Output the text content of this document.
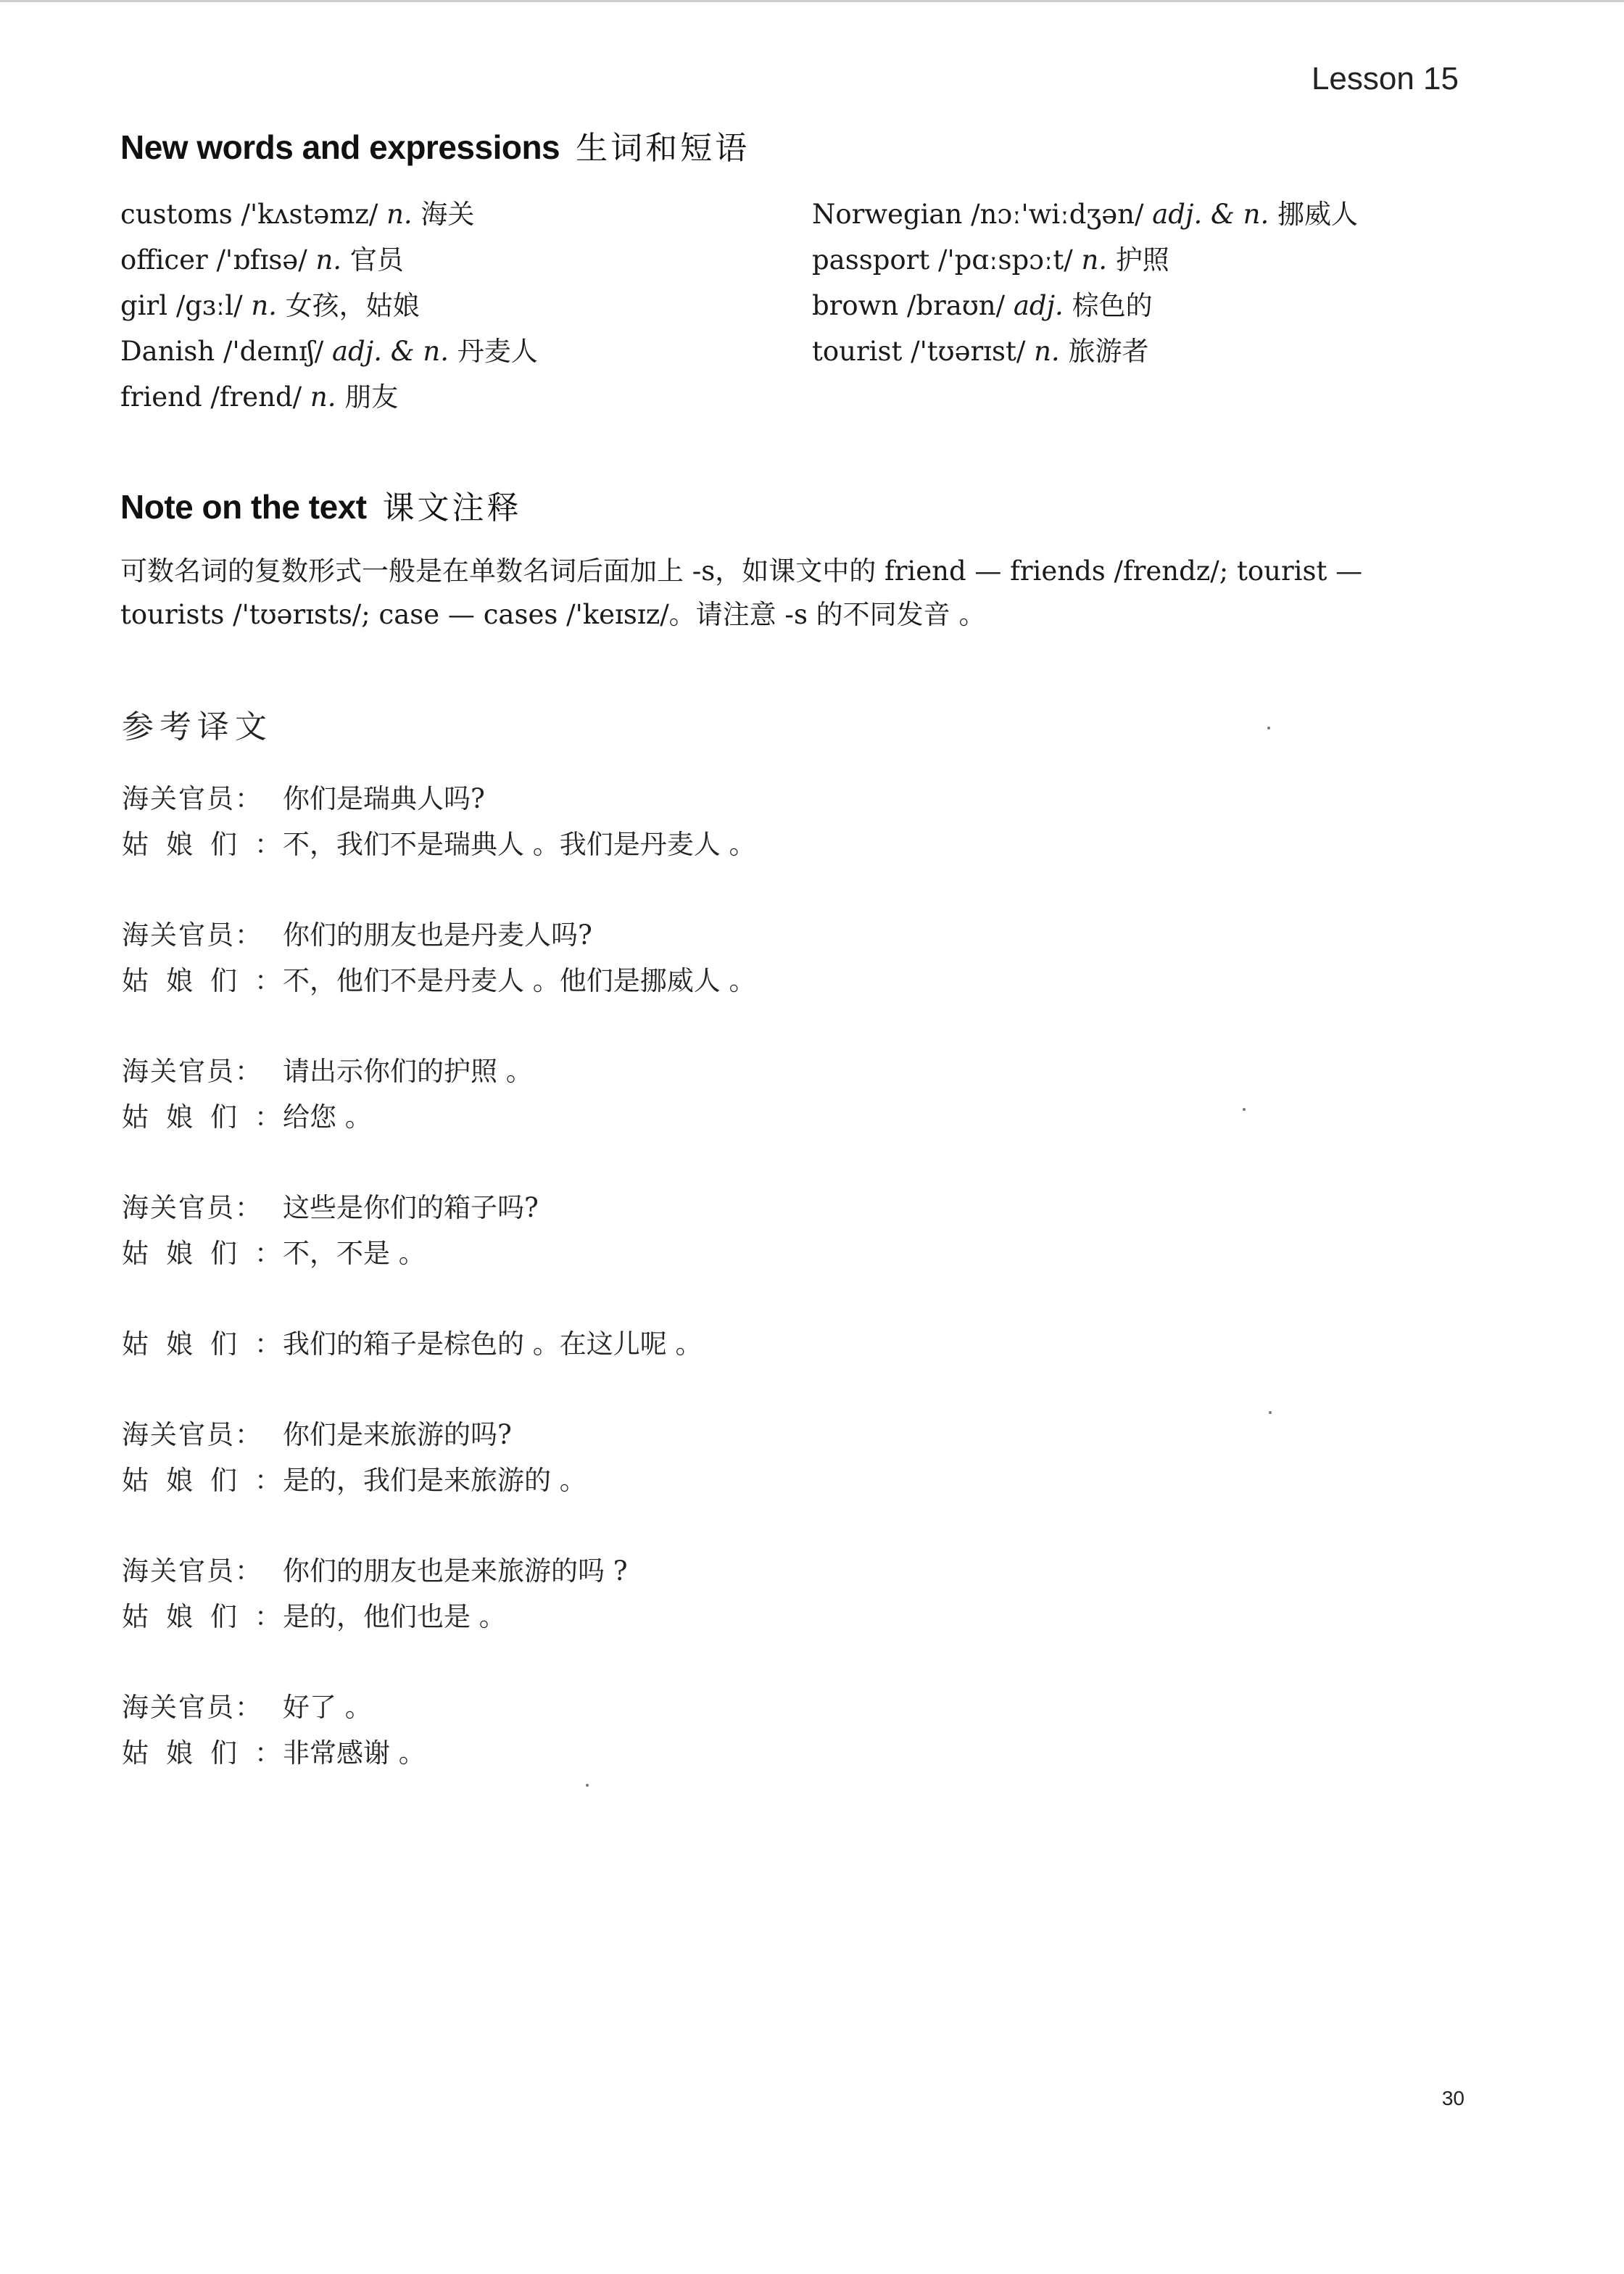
Lesson 15
New words and expressions 生词和短语
customs /'kʌstəmz/ n. 海关
officer /'ɒfɪsə/ n. 官员
girl /gɜːl/ n. 女孩，姑娘
Danish /'deɪnɪʃ/ adj. & n. 丹麦人
friend /frend/ n. 朋友
Norwegian /nɔː'wiːdʒən/ adj. & n. 挪威人
passport /'pɑːspɔːt/ n. 护照
brown /braʊn/ adj. 棕色的
tourist /'tʊərɪst/ n. 旅游者
Note on the text 课文注释
可数名词的复数形式一般是在单数名词后面加上 -s，如课文中的 friend — friends /frendz/; tourist —
tourists /'tʊərɪsts/; case — cases /'keɪsɪz/。请注意 -s 的不同发音 。
参考译文
海关官员： 你们是瑞典人吗?
姑娘们：
不，我们不是瑞典人 。我们是丹麦人 。
海关官员： 你们的朋友也是丹麦人吗?
姑娘们：
不，他们不是丹麦人 。他们是挪威人 。
海关官员： 请出示你们的护照 。
姑娘们：
给您 。
海关官员： 这些是你们的箱子吗?
姑娘们：
不，不是 。
姑娘们：
我们的箱子是棕色的 。在这儿呢 。
海关官员： 你们是来旅游的吗?
姑娘们：
是的，我们是来旅游的 。
海关官员： 你们的朋友也是来旅游的吗 ?
姑娘们：
是的，他们也是 。
海关官员： 好了 。
姑娘们：
非常感谢 。
30
